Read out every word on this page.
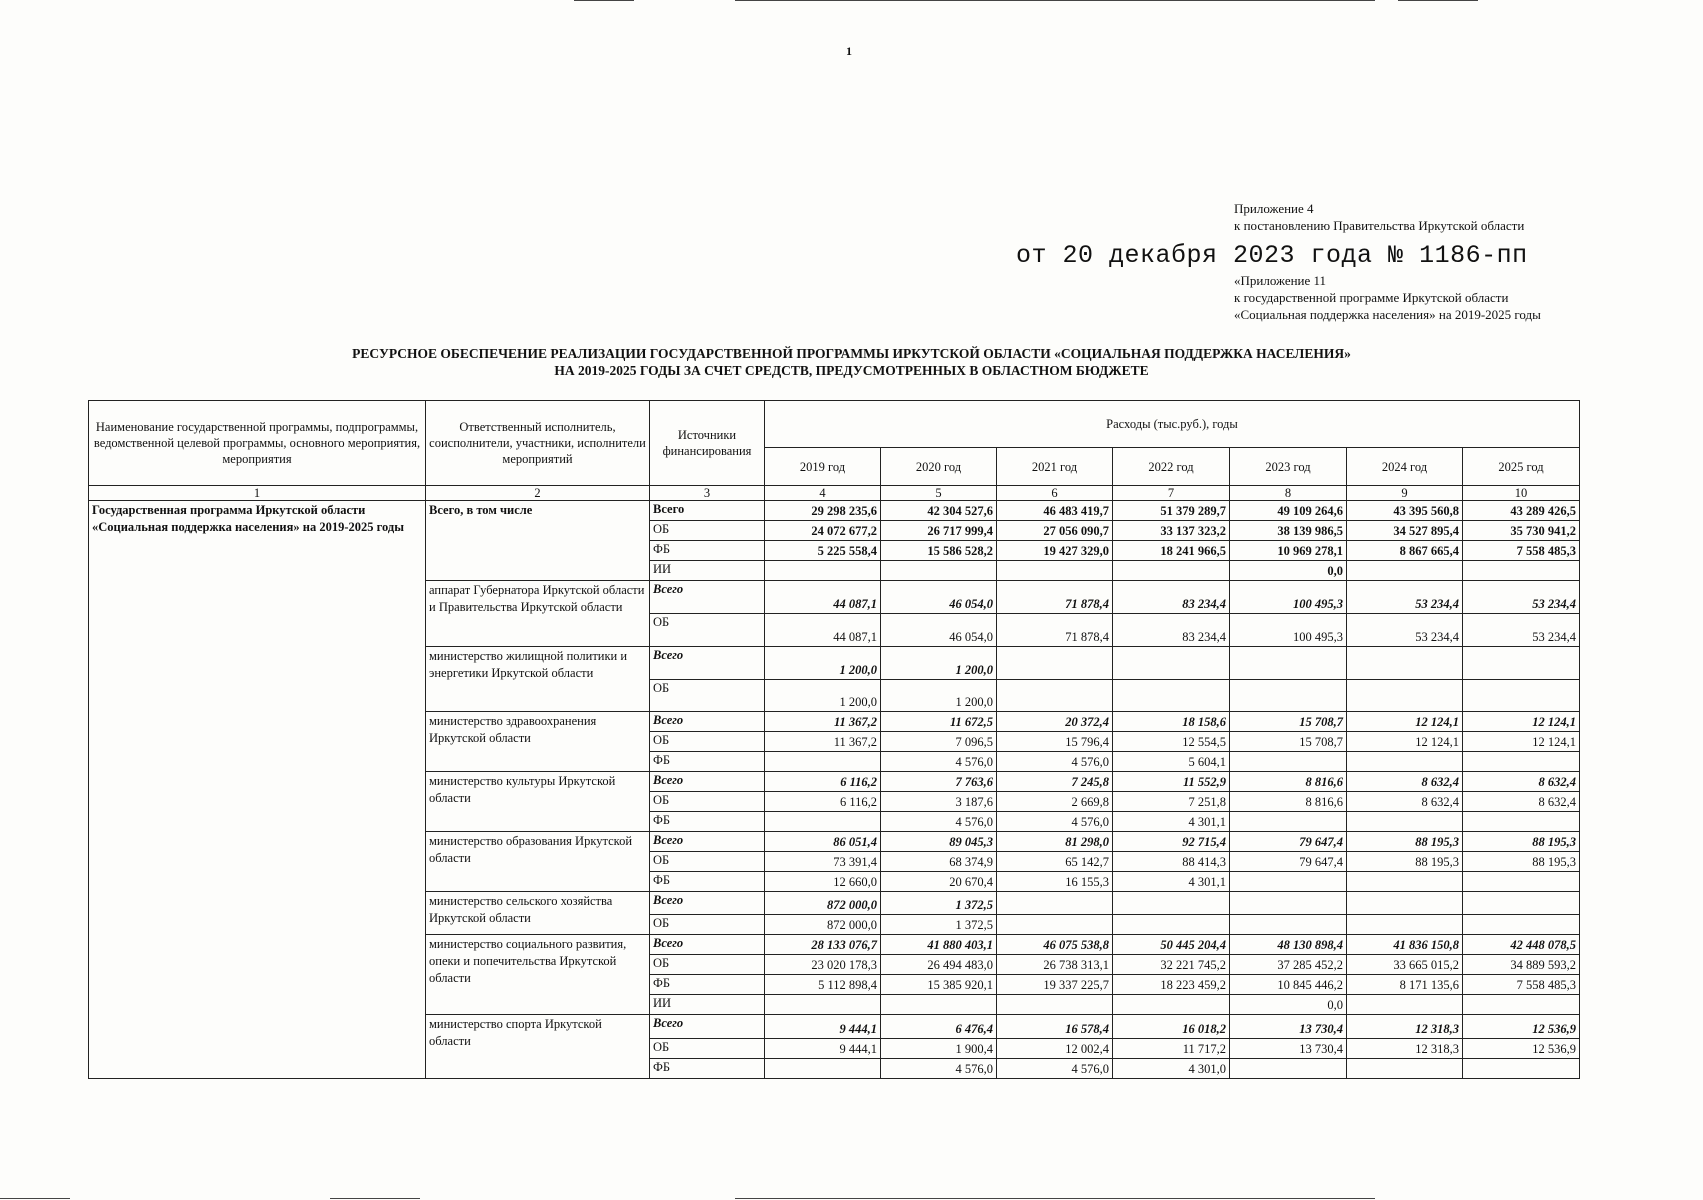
1
Приложение 4
к постановлению Правительства Иркутской области
от 20 декабря 2023 года № 1186-пп
«Приложение 11
к государственной программе Иркутской области
«Социальная поддержка населения» на 2019-2025 годы
РЕСУРСНОЕ ОБЕСПЕЧЕНИЕ РЕАЛИЗАЦИИ ГОСУДАРСТВЕННОЙ ПРОГРАММЫ ИРКУТСКОЙ ОБЛАСТИ «СОЦИАЛЬНАЯ ПОДДЕРЖКА НАСЕЛЕНИЯ»
НА 2019-2025 ГОДЫ ЗА СЧЕТ СРЕДСТВ, ПРЕДУСМОТРЕННЫХ В ОБЛАСТНОМ БЮДЖЕТЕ
Наименование государственной программы, подпрограммы, ведомственной целевой программы, основного мероприятия, мероприятия	Ответственный исполнитель, соисполнители, участники, исполнители мероприятий	Источники финансирования	Расходы (тыс.руб.), годы						
			2019 год	2020 год	2021 год	2022 год	2023 год	2024 год	2025 год
1	2	3	4	5	6	7	8	9	10
Государственная программа Иркутской области «Социальная поддержка населения» на 2019-2025 годы	Всего, в том числе	Всего	29 298 235,6	42 304 527,6	46 483 419,7	51 379 289,7	49 109 264,6	43 395 560,8	43 289 426,5
		ОБ	24 072 677,2	26 717 999,4	27 056 090,7	33 137 323,2	38 139 986,5	34 527 895,4	35 730 941,2
		ФБ	5 225 558,4	15 586 528,2	19 427 329,0	18 241 966,5	10 969 278,1	8 867 665,4	7 558 485,3
		ИИ					0,0		
	аппарат Губернатора Иркутской области и Правительства Иркутской области	Всего	44 087,1	46 054,0	71 878,4	83 234,4	100 495,3	53 234,4	53 234,4
		ОБ	44 087,1	46 054,0	71 878,4	83 234,4	100 495,3	53 234,4	53 234,4
	министерство жилищной политики и энергетики Иркутской области	Всего	1 200,0	1 200,0					
		ОБ	1 200,0	1 200,0					
	министерство здравоохранения Иркутской области	Всего	11 367,2	11 672,5	20 372,4	18 158,6	15 708,7	12 124,1	12 124,1
		ОБ	11 367,2	7 096,5	15 796,4	12 554,5	15 708,7	12 124,1	12 124,1
		ФБ		4 576,0	4 576,0	5 604,1			
	министерство культуры Иркутской области	Всего	6 116,2	7 763,6	7 245,8	11 552,9	8 816,6	8 632,4	8 632,4
		ОБ	6 116,2	3 187,6	2 669,8	7 251,8	8 816,6	8 632,4	8 632,4
		ФБ		4 576,0	4 576,0	4 301,1			
	министерство образования Иркутской области	Всего	86 051,4	89 045,3	81 298,0	92 715,4	79 647,4	88 195,3	88 195,3
		ОБ	73 391,4	68 374,9	65 142,7	88 414,3	79 647,4	88 195,3	88 195,3
		ФБ	12 660,0	20 670,4	16 155,3	4 301,1			
	министерство сельского хозяйства Иркутской области	Всего	872 000,0	1 372,5					
		ОБ	872 000,0	1 372,5					
	министерство социального развития, опеки и попечительства Иркутской области	Всего	28 133 076,7	41 880 403,1	46 075 538,8	50 445 204,4	48 130 898,4	41 836 150,8	42 448 078,5
		ОБ	23 020 178,3	26 494 483,0	26 738 313,1	32 221 745,2	37 285 452,2	33 665 015,2	34 889 593,2
		ФБ	5 112 898,4	15 385 920,1	19 337 225,7	18 223 459,2	10 845 446,2	8 171 135,6	7 558 485,3
		ИИ					0,0		
	министерство спорта Иркутской области	Всего	9 444,1	6 476,4	16 578,4	16 018,2	13 730,4	12 318,3	12 536,9
		ОБ	9 444,1	1 900,4	12 002,4	11 717,2	13 730,4	12 318,3	12 536,9
		ФБ		4 576,0	4 576,0	4 301,0			
